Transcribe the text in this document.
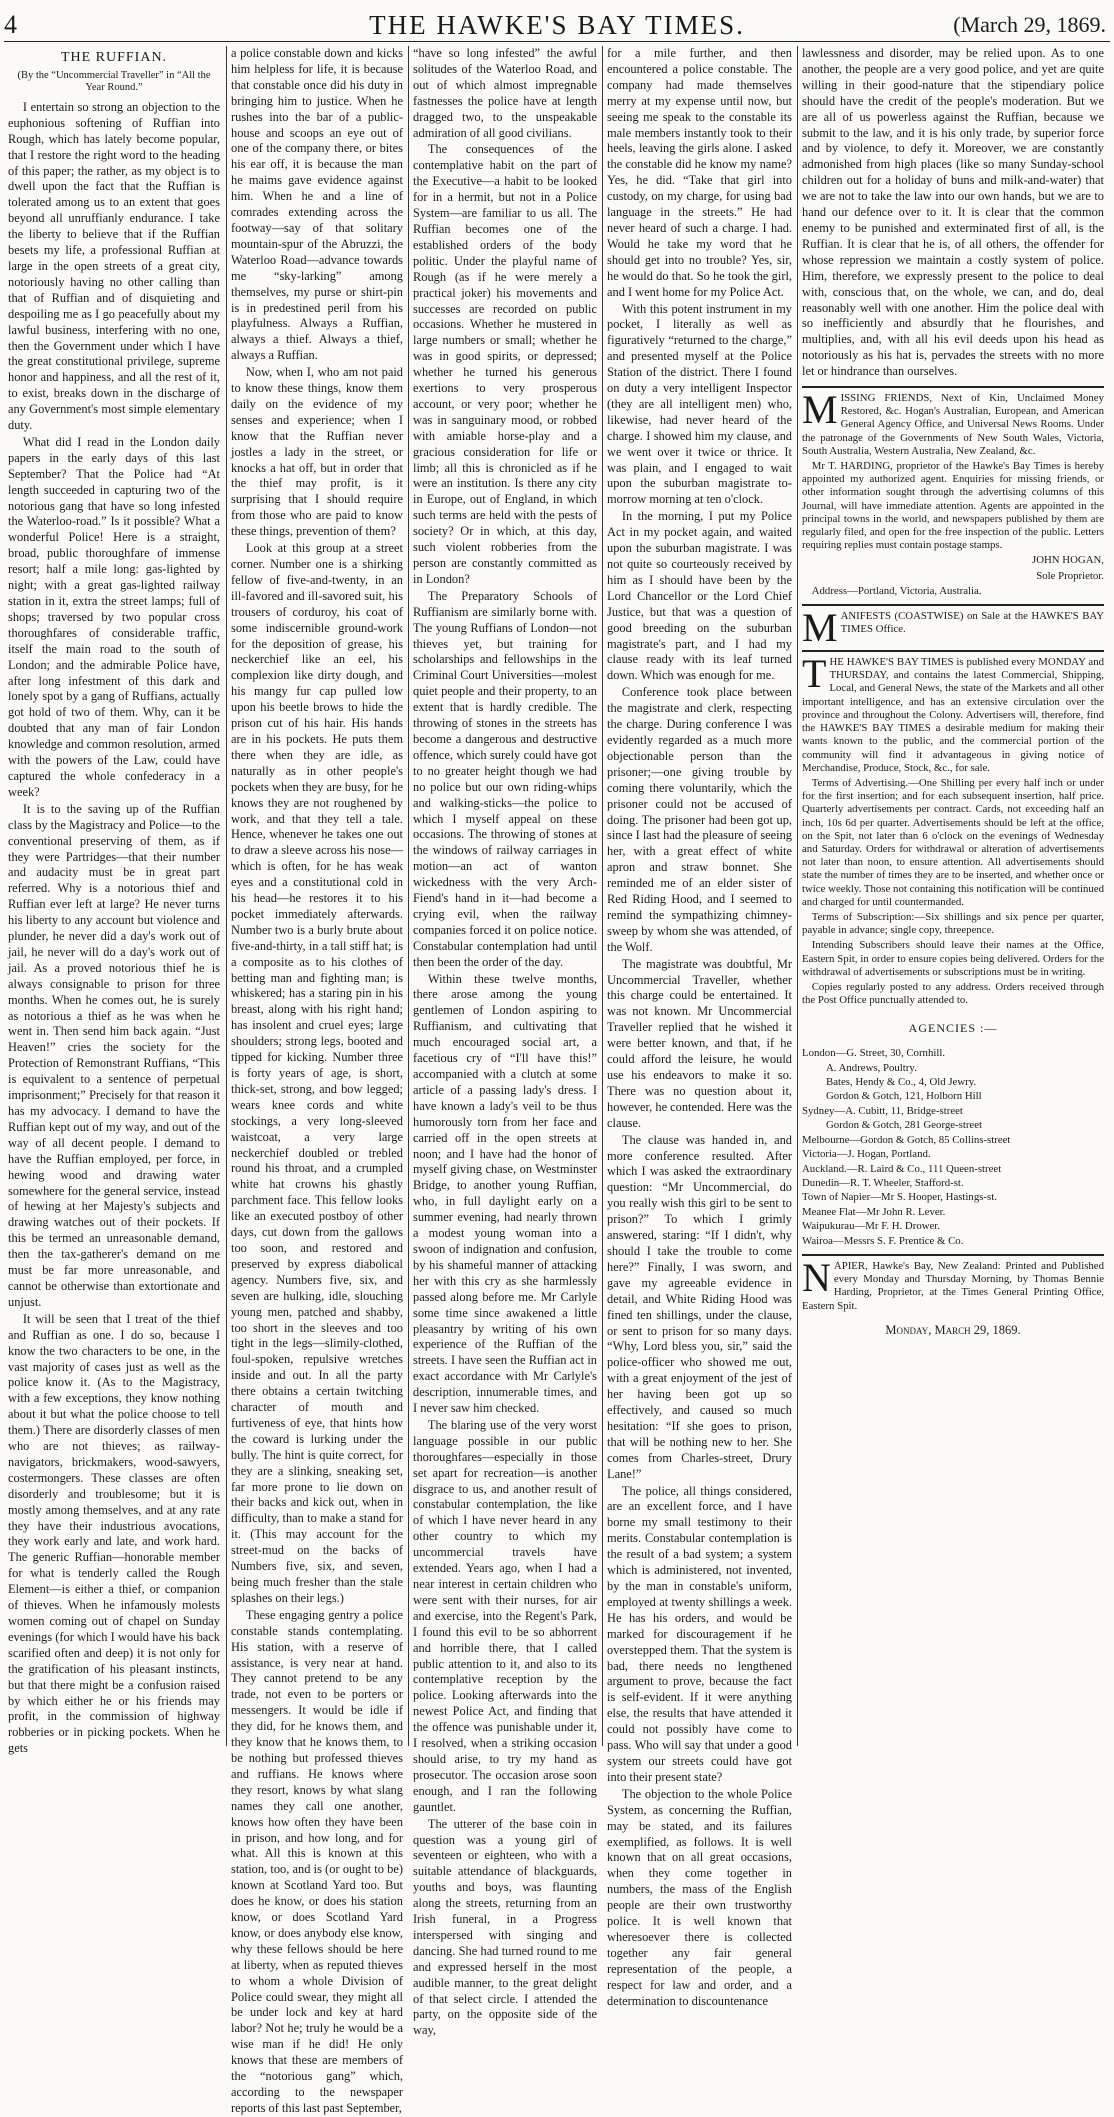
4	THE HAWKE'S BAY TIMES.	(March 29, 1869.
THE RUFFIAN.
(By the “Uncommercial Traveller” in “All the Year Round.”

I entertain so strong an objection to the euphonious softening of Ruffian into Rough, which has lately become popular, that I restore the right word to the heading of this paper; the rather, as my object is to dwell upon the fact that the Ruffian is tolerated among us to an extent that goes beyond all unruffianly endurance. I take the liberty to believe that if the Ruffian besets my life, a professional Ruffian at large in the open streets of a great city, notoriously having no other calling than that of Ruffian and of disquieting and despoiling me as I go peacefully about my lawful business, interfering with no one, then the Government under which I have the great constitutional privilege, supreme honor and happiness, and all the rest of it, to exist, breaks down in the discharge of any Government's most simple elementary duty.

What did I read in the London daily papers in the early days of this last September? That the Police had “At length succeeded in capturing two of the notorious gang that have so long infested the Waterloo-road.” Is it possible? What a wonderful Police! Here is a straight, broad, public thoroughfare of immense resort; half a mile long: gas-lighted by night; with a great gas-lighted railway station in it, extra the street lamps; full of shops; traversed by two popular cross thoroughfares of considerable traffic, itself the main road to the south of London; and the admirable Police have, after long infestment of this dark and lonely spot by a gang of Ruffians, actually got hold of two of them. Why, can it be doubted that any man of fair London knowledge and common resolution, armed with the powers of the Law, could have captured the whole confederacy in a week?

It is to the saving up of the Ruffian class by the Magistracy and Police—to the conventional preserving of them, as if they were Partridges—that their number and audacity must be in great part referred. Why is a notorious thief and Ruffian ever left at large? He never turns his liberty to any account but violence and plunder, he never did a day's work out of jail, he never will do a day's work out of jail. As a proved notorious thief he is always consignable to prison for three months. When he comes out, he is surely as notorious a thief as he was when he went in. Then send him back again. “Just Heaven!” cries the society for the Protection of Remonstrant Ruffians, “This is equivalent to a sentence of perpetual imprisonment;” Precisely for that reason it has my advocacy. I demand to have the Ruffian kept out of my way, and out of the way of all decent people. I demand to have the Ruffian employed, per force, in hewing wood and drawing water somewhere for the general service, instead of hewing at her Majesty's subjects and drawing watches out of their pockets. If this be termed an unreasonable demand, then the tax-gatherer's demand on me must be far more unreasonable, and cannot be otherwise than extortionate and unjust.

It will be seen that I treat of the thief and Ruffian as one. I do so, because I know the two characters to be one, in the vast majority of cases just as well as the police know it. (As to the Magistracy, with a few exceptions, they know nothing about it but what the police choose to tell them.) There are disorderly classes of men who are not thieves; as railway-navigators, brickmakers, wood-sawyers, costermongers. These classes are often disorderly and troublesome; but it is mostly among themselves, and at any rate they have their industrious avocations, they work early and late, and work hard. The generic Ruffian—honorable member for what is tenderly called the Rough Element—is either a thief, or companion of thieves. When he infamously molests women coming out of chapel on Sunday evenings (for which I would have his back scarified often and deep) it is not only for the gratification of his pleasant instincts, but that there might be a confusion raised by which either he or his friends may profit, in the commission of highway robberies or in picking pockets. When he gets

a police constable down and kicks him helpless for life, it is because that constable once did his duty in bringing him to justice. When he rushes into the bar of a public-house and scoops an eye out of one of the company there, or bites his ear off, it is because the man he maims gave evidence against him. When he and a line of comrades extending across the footway—say of that solitary mountain-spur of the Abruzzi, the Waterloo Road—advance towards me “sky-larking” among themselves, my purse or shirt-pin is in predestined peril from his playfulness. Always a Ruffian, always a thief. Always a thief, always a Ruffian.

Now, when I, who am not paid to know these things, know them daily on the evidence of my senses and experience; when I know that the Ruffian never jostles a lady in the street, or knocks a hat off, but in order that the thief may profit, is it surprising that I should require from those who are paid to know these things, prevention of them?

Look at this group at a street corner. Number one is a shirking fellow of five-and-twenty, in an ill-favored and ill-savored suit, his trousers of corduroy, his coat of some indiscernible ground-work for the deposition of grease, his neckerchief like an eel, his complexion like dirty dough, and his mangy fur cap pulled low upon his beetle brows to hide the prison cut of his hair. His hands are in his pockets. He puts them there when they are idle, as naturally as in other people's pockets when they are busy, for he knows they are not roughened by work, and that they tell a tale. Hence, whenever he takes one out to draw a sleeve across his nose—which is often, for he has weak eyes and a constitutional cold in his head—he restores it to his pocket immediately afterwards. Number two is a burly brute about five-and-thirty, in a tall stiff hat; is a composite as to his clothes of betting man and fighting man; is whiskered; has a staring pin in his breast, along with his right hand; has insolent and cruel eyes; large shoulders; strong legs, booted and tipped for kicking. Number three is forty years of age, is short, thick-set, strong, and bow legged; wears knee cords and white stockings, a very long-sleeved waistcoat, a very large neckerchief doubled or trebled round his throat, and a crumpled white hat crowns his ghastly parchment face. This fellow looks like an executed postboy of other days, cut down from the gallows too soon, and restored and preserved by express diabolical agency. Numbers five, six, and seven are hulking, idle, slouching young men, patched and shabby, too short in the sleeves and too tight in the legs—slimily-clothed, foul-spoken, repulsive wretches inside and out. In all the party there obtains a certain twitching character of mouth and furtiveness of eye, that hints how the coward is lurking under the bully. The hint is quite correct, for they are a slinking, sneaking set, far more prone to lie down on their backs and kick out, when in difficulty, than to make a stand for it. (This may account for the street-mud on the backs of Numbers five, six, and seven, being much fresher than the stale splashes on their legs.)

These engaging gentry a police constable stands contemplating. His station, with a reserve of assistance, is very near at hand. They cannot pretend to be any trade, not even to be porters or messengers. It would be idle if they did, for he knows them, and they know that he knows them, to be nothing but professed thieves and ruffians. He knows where they resort, knows by what slang names they call one another, knows how often they have been in prison, and how long, and for what. All this is known at this station, too, and is (or ought to be) known at Scotland Yard too. But does he know, or does his station know, or does Scotland Yard know, or does anybody else know, why these fellows should be here at liberty, when as reputed thieves to whom a whole Division of Police could swear, they might all be under lock and key at hard labor? Not he; truly he would be a wise man if he did! He only knows that these are members of the “notorious gang” which, according to the newspaper reports of this last past September,

“have so long infested” the awful solitudes of the Waterloo Road, and out of which almost impregnable fastnesses the police have at length dragged two, to the unspeakable admiration of all good civilians.

The consequences of the contemplative habit on the part of the Executive—a habit to be looked for in a hermit, but not in a Police System—are familiar to us all. The Ruffian becomes one of the established orders of the body politic. Under the playful name of Rough (as if he were merely a practical joker) his movements and successes are recorded on public occasions. Whether he mustered in large numbers or small; whether he was in good spirits, or depressed; whether he turned his generous exertions to very prosperous account, or very poor; whether he was in sanguinary mood, or robbed with amiable horse-play and a gracious consideration for life or limb; all this is chronicled as if he were an institution. Is there any city in Europe, out of England, in which such terms are held with the pests of society? Or in which, at this day, such violent robberies from the person are constantly committed as in London?

The Preparatory Schools of Ruffianism are similarly borne with. The young Ruffians of London—not thieves yet, but training for scholarships and fellowships in the Criminal Court Universities—molest quiet people and their property, to an extent that is hardly credible. The throwing of stones in the streets has become a dangerous and destructive offence, which surely could have got to no greater height though we had no police but our own riding-whips and walking-sticks—the police to which I myself appeal on these occasions. The throwing of stones at the windows of railway carriages in motion—an act of wanton wickedness with the very Arch-Fiend's hand in it—had become a crying evil, when the railway companies forced it on police notice. Constabular contemplation had until then been the order of the day.

Within these twelve months, there arose among the young gentlemen of London aspiring to Ruffianism, and cultivating that much encouraged social art, a facetious cry of “I'll have this!” accompanied with a clutch at some article of a passing lady's dress. I have known a lady's veil to be thus humorously torn from her face and carried off in the open streets at noon; and I have had the honor of myself giving chase, on Westminster Bridge, to another young Ruffian, who, in full daylight early on a summer evening, had nearly thrown a modest young woman into a swoon of indignation and confusion, by his shameful manner of attacking her with this cry as she harmlessly passed along before me. Mr Carlyle some time since awakened a little pleasantry by writing of his own experience of the Ruffian of the streets. I have seen the Ruffian act in exact accordance with Mr Carlyle's description, innumerable times, and I never saw him checked.

The blaring use of the very worst language possible in our public thoroughfares—especially in those set apart for recreation—is another disgrace to us, and another result of constabular contemplation, the like of which I have never heard in any other country to which my uncommercial travels have extended. Years ago, when I had a near interest in certain children who were sent with their nurses, for air and exercise, into the Regent's Park, I found this evil to be so abhorrent and horrible there, that I called public attention to it, and also to its contemplative reception by the police. Looking afterwards into the newest Police Act, and finding that the offence was punishable under it, I resolved, when a striking occasion should arise, to try my hand as prosecutor. The occasion arose soon enough, and I ran the following gauntlet.

The utterer of the base coin in question was a young girl of seventeen or eighteen, who with a suitable attendance of blackguards, youths and boys, was flaunting along the streets, returning from an Irish funeral, in a Progress interspersed with singing and dancing. She had turned round to me and expressed herself in the most audible manner, to the great delight of that select circle. I attended the party, on the opposite side of the way,

for a mile further, and then encountered a police constable. The company had made themselves merry at my expense until now, but seeing me speak to the constable its male members instantly took to their heels, leaving the girls alone. I asked the constable did he know my name? Yes, he did. “Take that girl into custody, on my charge, for using bad language in the streets.” He had never heard of such a charge. I had. Would he take my word that he should get into no trouble? Yes, sir, he would do that. So he took the girl, and I went home for my Police Act.

With this potent instrument in my pocket, I literally as well as figuratively “returned to the charge,” and presented myself at the Police Station of the district. There I found on duty a very intelligent Inspector (they are all intelligent men) who, likewise, had never heard of the charge. I showed him my clause, and we went over it twice or thrice. It was plain, and I engaged to wait upon the suburban magistrate to-morrow morning at ten o'clock.

In the morning, I put my Police Act in my pocket again, and waited upon the suburban magistrate. I was not quite so courteously received by him as I should have been by the Lord Chancellor or the Lord Chief Justice, but that was a question of good breeding on the suburban magistrate's part, and I had my clause ready with its leaf turned down. Which was enough for me.

Conference took place between the magistrate and clerk, respecting the charge. During conference I was evidently regarded as a much more objectionable person than the prisoner;—one giving trouble by coming there voluntarily, which the prisoner could not be accused of doing. The prisoner had been got up, since I last had the pleasure of seeing her, with a great effect of white apron and straw bonnet. She reminded me of an elder sister of Red Riding Hood, and I seemed to remind the sympathizing chimney-sweep by whom she was attended, of the Wolf.

The magistrate was doubtful, Mr Uncommercial Traveller, whether this charge could be entertained. It was not known. Mr Uncommercial Traveller replied that he wished it were better known, and that, if he could afford the leisure, he would use his endeavors to make it so. There was no question about it, however, he contended. Here was the clause.

The clause was handed in, and more conference resulted. After which I was asked the extraordinary question: “Mr Uncommercial, do you really wish this girl to be sent to prison?” To which I grimly answered, staring: “If I didn't, why should I take the trouble to come here?” Finally, I was sworn, and gave my agreeable evidence in detail, and White Riding Hood was fined ten shillings, under the clause, or sent to prison for so many days. “Why, Lord bless you, sir,” said the police-officer who showed me out, with a great enjoyment of the jest of her having been got up so effectively, and caused so much hesitation: “If she goes to prison, that will be nothing new to her. She comes from Charles-street, Drury Lane!”

The police, all things considered, are an excellent force, and I have borne my small testimony to their merits. Constabular contemplation is the result of a bad system; a system which is administered, not invented, by the man in constable's uniform, employed at twenty shillings a week. He has his orders, and would be marked for discouragement if he overstepped them. That the system is bad, there needs no lengthened argument to prove, because the fact is self-evident. If it were anything else, the results that have attended it could not possibly have come to pass. Who will say that under a good system our streets could have got into their present state?

The objection to the whole Police System, as concerning the Ruffian, may be stated, and its failures exemplified, as follows. It is well known that on all great occasions, when they come together in numbers, the mass of the English people are their own trustworthy police. It is well known that wheresoever there is collected together any fair general representation of the people, a respect for law and order, and a determination to discountenance

lawlessness and disorder, may be relied upon. As to one another, the people are a very good police, and yet are quite willing in their good-nature that the stipendiary police should have the credit of the people's moderation. But we are all of us powerless against the Ruffian, because we submit to the law, and it is his only trade, by superior force and by violence, to defy it. Moreover, we are constantly admonished from high places (like so many Sunday-school children out for a holiday of buns and milk-and-water) that we are not to take the law into our own hands, but we are to hand our defence over to it. It is clear that the common enemy to be punished and exterminated first of all, is the Ruffian. It is clear that he is, of all others, the offender for whose repression we maintain a costly system of police. Him, therefore, we expressly present to the police to deal with, conscious that, on the whole, we can, and do, deal reasonably well with one another. Him the police deal with so inefficiently and absurdly that he flourishes, and multiplies, and, with all his evil deeds upon his head as notoriously as his hat is, pervades the streets with no more let or hindrance than ourselves.

MISSING FRIENDS, Next of Kin, Unclaimed Money Restored, &c. Hogan's Australian, European, and American General Agency Office, and Universal News Rooms. Under the patronage of the Governments of New South Wales, Victoria, South Australia, Western Australia, New Zealand, &c.

Mr T. HARDING, proprietor of the Hawke's Bay Times is hereby appointed my authorized agent. Enquiries for missing friends, or other information sought through the advertising columns of this Journal, will have immediate attention. Agents are appointed in the principal towns in the world, and newspapers published by them are regularly filed, and open for the free inspection of the public. Letters requiring replies must contain postage stamps.

JOHN HOGAN,

Sole Proprietor.

Address—Portland, Victoria, Australia.

MANIFESTS (COASTWISE) on Sale at the HAWKE'S BAY TIMES Office.

THE HAWKE'S BAY TIMES is published every MONDAY and THURSDAY, and contains the latest Commercial, Shipping, Local, and General News, the state of the Markets and all other important intelligence, and has an extensive circulation over the province and throughout the Colony. Advertisers will, therefore, find the HAWKE'S BAY TIMES a desirable medium for making their wants known to the public, and the commercial portion of the community will find it advantageous in giving notice of Merchandise, Produce, Stock, &c., for sale.

Terms of Advertising.—One Shilling per every half inch or under for the first insertion; and for each subsequent insertion, half price. Quarterly advertisements per contract. Cards, not exceeding half an inch, 10s 6d per quarter. Advertisements should be left at the office, on the Spit, not later than 6 o'clock on the evenings of Wednesday and Saturday. Orders for withdrawal or alteration of advertisements not later than noon, to ensure attention. All advertisements should state the number of times they are to be inserted, and whether once or twice weekly. Those not containing this notification will be continued and charged for until countermanded.

Terms of Subscription:—Six shillings and six pence per quarter, payable in advance; single copy, threepence.

Intending Subscribers should leave their names at the Office, Eastern Spit, in order to ensure copies being delivered. Orders for the withdrawal of advertisements or subscriptions must be in writing.

Copies regularly posted to any address. Orders received through the Post Office punctually attended to.

AGENCIES :—
London—G. Street, 30, Cornhill.
A. Andrews, Poultry.
Bates, Hendy & Co., 4, Old Jewry.
Gordon & Gotch, 121, Holborn Hill
Sydney—A. Cubitt, 11, Bridge-street
Gordon & Gotch, 281 George-street
Melbourne—Gordon & Gotch, 85 Collins-street
Victoria—J. Hogan, Portland.
Auckland.—R. Laird & Co., 111 Queen-street
Dunedin—R. T. Wheeler, Stafford-st.
Town of Napier—Mr S. Hooper, Hastings-st.
Meanee Flat—Mr John R. Lever.
Waipukurau—Mr F. H. Drower.
Wairoa—Messrs S. F. Prentice & Co.

NAPIER, Hawke's Bay, New Zealand: Printed and Published every Monday and Thursday Morning, by Thomas Bennie Harding, Proprietor, at the Times General Printing Office, Eastern Spit.

Monday, March 29, 1869.
